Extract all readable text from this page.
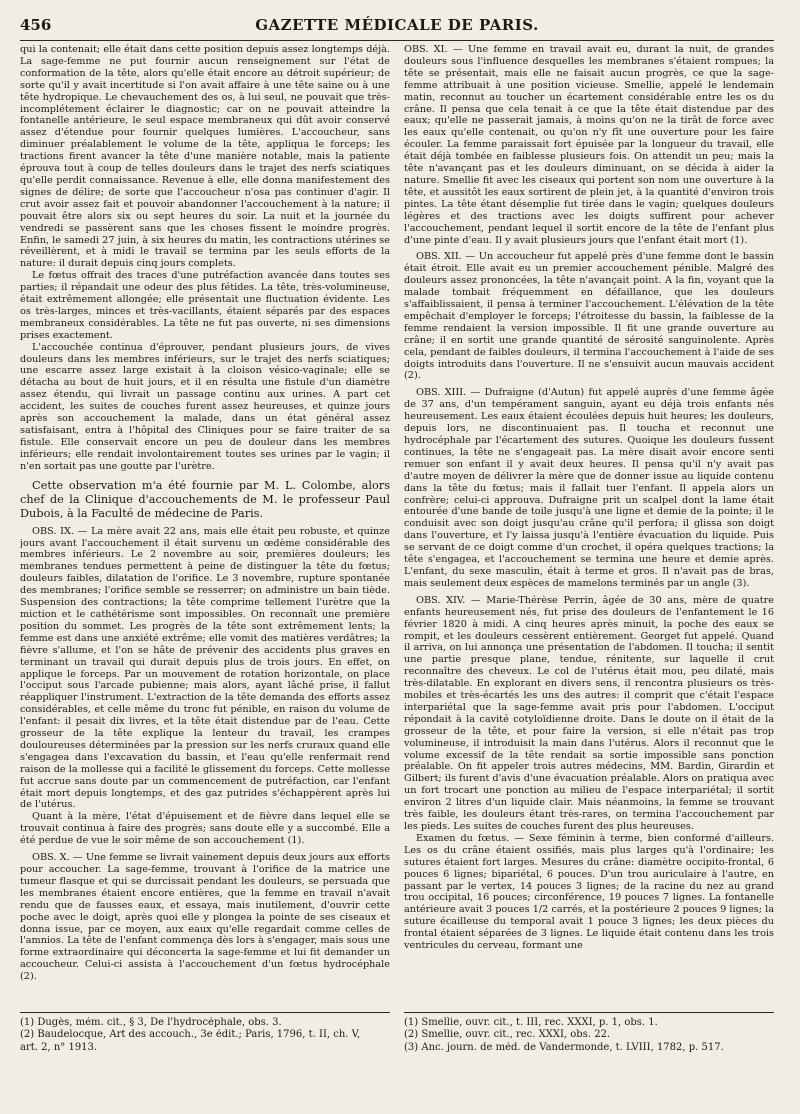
456	GAZETTE MÉDICALE DE PARIS.

qui la contenait; elle était dans cette position depuis assez longtemps déjà. La sage-femme ne put fournir aucun renseignement sur l'état de conformation de la tête, alors qu'elle était encore au détroit supérieur; de sorte qu'il y avait incertitude si l'on avait affaire à une tête saine ou à une tête hydropique. Le chevauchement des os, à lui seul, ne pouvait que très-incomplétement éclairer le diagnostic; car on ne pouvait atteindre la fontanelle antérieure, le seul espace membraneux qui dût avoir conservé assez d'étendue pour fournir quelques lumières. L'accoucheur, sans diminuer préalablement le volume de la tête, appliqua le forceps; les tractions firent avancer la tête d'une manière notable, mais la patiente éprouva tout à coup de telles douleurs dans le trajet des nerfs sciatiques qu'elle perdit connaissance. Revenue à elle, elle donna manifestement des signes de délire; de sorte que l'accoucheur n'osa pas continuer d'agir. Il crut avoir assez fait et pouvoir abandonner l'accouchement à la nature; il pouvait être alors six ou sept heures du soir. La nuit et la journée du vendredi se passèrent sans que les choses fissent le moindre progrès. Enfin, le samedi 27 juin, à six heures du matin, les contractions utérines se réveillèrent, et à midi le travail se termina par les seuls efforts de la nature: il durait depuis cinq jours complets.

Le fœtus offrait des traces d'une putréfaction avancée dans toutes ses parties; il répandait une odeur des plus fétides. La tête, très-volumineuse, était extrêmement allongée; elle présentait une fluctuation évidente. Les os très-larges, minces et très-vacillants, étaient séparés par des espaces membraneux considérables. La tête ne fut pas ouverte, ni ses dimensions prises exactement.

L'accouchée continua d'éprouver, pendant plusieurs jours, de vives douleurs dans les membres inférieurs, sur le trajet des nerfs sciatiques; une escarre assez large existait à la cloison vésico-vaginale; elle se détacha au bout de huit jours, et il en résulta une fistule d'un diamètre assez étendu, qui livrait un passage continu aux urines. A part cet accident, les suites de couches furent assez heureuses, et quinze jours après son accouchement la malade, dans un état général assez satisfaisant, entra à l'hôpital des Cliniques pour se faire traiter de sa fistule. Elle conservait encore un peu de douleur dans les membres inférieurs; elle rendait involontairement toutes ses urines par le vagin; il n'en sortait pas une goutte par l'urètre.

Cette observation m'a été fournie par M. L. Colombe, alors chef de la Clinique d'accouchements de M. le professeur Paul Dubois, à la Faculté de médecine de Paris.

OBS. IX. — La mère avait 22 ans, mais elle était peu robuste, et quinze jours avant l'accouchement il était survenu un œdème considérable des membres inférieurs. Le 2 novembre au soir, premières douleurs; les membranes tendues permettent à peine de distinguer la tête du fœtus; douleurs faibles, dilatation de l'orifice. Le 3 novembre, rupture spontanée des membranes; l'orifice semble se resserrer; on administre un bain tiède. Suspension des contractions; la tête comprime tellement l'urètre que la miction et le cathétérisme sont impossibles. On reconnaît une première position du sommet. Les progrès de la tête sont extrêmement lents; la femme est dans une anxiété extrême; elle vomit des matières verdâtres; la fièvre s'allume, et l'on se hâte de prévenir des accidents plus graves en terminant un travail qui durait depuis plus de trois jours. En effet, on applique le forceps. Par un mouvement de rotation horizontale, on place l'occiput sous l'arcade pubienne; mais alors, ayant lâché prise, il fallut réappliquer l'instrument. L'extraction de la tête demanda des efforts assez considérables, et celle même du tronc fut pénible, en raison du volume de l'enfant: il pesait dix livres, et la tête était distendue par de l'eau. Cette grosseur de la tête explique la lenteur du travail, les crampes douloureuses déterminées par la pression sur les nerfs cruraux quand elle s'engagea dans l'excavation du bassin, et l'eau qu'elle renfermait rend raison de la mollesse qui a facilité le glissement du forceps. Cette mollesse fut accrue sans doute par un commencement de putréfaction, car l'enfant était mort depuis longtemps, et des gaz putrides s'échappèrent après lui de l'utérus.

Quant à la mère, l'état d'épuisement et de fièvre dans lequel elle se trouvait continua à faire des progrès; sans doute elle y a succombé. Elle a été perdue de vue le soir même de son accouchement (1).

OBS. X. — Une femme se livrait vainement depuis deux jours aux efforts pour accoucher. La sage-femme, trouvant à l'orifice de la matrice une tumeur flasque et qui se durcissait pendant les douleurs, se persuada que les membranes étaient encore entières, que la femme en travail n'avait rendu que de fausses eaux, et essaya, mais inutilement, d'ouvrir cette poche avec le doigt, après quoi elle y plongea la pointe de ses ciseaux et donna issue, par ce moyen, aux eaux qu'elle regardait comme celles de l'amnios. La tête de l'enfant commença dès lors à s'engager, mais sous une forme extraordinaire qui déconcerta la sage-femme et lui fit demander un accoucheur. Celui-ci assista à l'accouchement d'un fœtus hydrocéphale (2).

OBS. XI. — Une femme en travail avait eu, durant la nuit, de grandes douleurs sous l'influence desquelles les membranes s'étaient rompues; la tête se présentait, mais elle ne faisait aucun progrès, ce que la sage-femme attribuait à une position vicieuse. Smellie, appelé le lendemain matin, reconnut au toucher un écartement considérable entre les os du crâne. Il pensa que cela tenait à ce que la tête était distendue par des eaux; qu'elle ne passerait jamais, à moins qu'on ne la tirât de force avec les eaux qu'elle contenait, ou qu'on n'y fît une ouverture pour les faire écouler. La femme paraissait fort épuisée par la longueur du travail, elle était déjà tombée en faiblesse plusieurs fois. On attendit un peu; mais la tête n'avançant pas et les douleurs diminuant, on se décida à aider la nature. Smellie fit avec les ciseaux qui portent son nom une ouverture à la tête, et aussitôt les eaux sortirent de plein jet, à la quantité d'environ trois pintes. La tête étant désemplie fut tirée dans le vagin; quelques douleurs légères et des tractions avec les doigts suffirent pour achever l'accouchement, pendant lequel il sortit encore de la tête de l'enfant plus d'une pinte d'eau. Il y avait plusieurs jours que l'enfant était mort (1).

OBS. XII. — Un accoucheur fut appelé près d'une femme dont le bassin était étroit. Elle avait eu un premier accouchement pénible. Malgré des douleurs assez prononcées, la tête n'avançait point. A la fin, voyant que la malade tombait fréquemment en défaillance, que les douleurs s'affaiblissaient, il pensa à terminer l'accouchement. L'élévation de la tête empêchait d'employer le forceps; l'étroitesse du bassin, la faiblesse de la femme rendaient la version impossible. Il fit une grande ouverture au crâne; il en sortit une grande quantité de sérosité sanguinolente. Après cela, pendant de faibles douleurs, il termina l'accouchement à l'aide de ses doigts introduits dans l'ouverture. Il ne s'ensuivit aucun mauvais accident (2).

OBS. XIII. — Dufraigne (d'Autun) fut appelé auprès d'une femme âgée de 37 ans, d'un tempérament sanguin, ayant eu déjà trois enfants nés heureusement. Les eaux étaient écoulées depuis huit heures; les douleurs, depuis lors, ne discontinuaient pas. Il toucha et reconnut une hydrocéphale par l'écartement des sutures. Quoique les douleurs fussent continues, la tête ne s'engageait pas. La mère disait avoir encore senti remuer son enfant il y avait deux heures. Il pensa qu'il n'y avait pas d'autre moyen de délivrer la mère que de donner issue au liquide contenu dans la tête du fœtus; mais il fallait tuer l'enfant. Il appela alors un confrère; celui-ci approuva. Dufraigne prit un scalpel dont la lame était entourée d'une bande de toile jusqu'à une ligne et demie de la pointe; il le conduisit avec son doigt jusqu'au crâne qu'il perfora; il glissa son doigt dans l'ouverture, et l'y laissa jusqu'à l'entière évacuation du liquide. Puis se servant de ce doigt comme d'un crochet, il opéra quelques tractions; la tête s'engagea, et l'accouchement se termina une heure et demie après. L'enfant, du sexe masculin, était à terme et gros. Il n'avait pas de bras, mais seulement deux espèces de mamelons terminés par un angle (3).

OBS. XIV. — Marie-Thérèse Perrin, âgée de 30 ans, mère de quatre enfants heureusement nés, fut prise des douleurs de l'enfantement le 16 février 1820 à midi. A cinq heures après minuit, la poche des eaux se rompit, et les douleurs cessèrent entièrement. Georget fut appelé. Quand il arriva, on lui annonça une présentation de l'abdomen. Il toucha; il sentit une partie presque plane, tendue, rénitente, sur laquelle il crut reconnaître des cheveux. Le col de l'utérus était mou, peu dilaté, mais très-dilatable. En explorant en divers sens, il rencontra plusieurs os très-mobiles et très-écartés les uns des autres: il comprit que c'était l'espace interpariétal que la sage-femme avait pris pour l'abdomen. L'occiput répondait à la cavité cotyloïdienne droite. Dans le doute on il était de la grosseur de la tête, et pour faire la version, si elle n'était pas trop volumineuse, il introduisit la main dans l'utérus. Alors il reconnut que le volume excessif de la tête rendait sa sortie impossible sans ponction préalable. On fit appeler trois autres médecins, MM. Bardin, Girardin et Gilbert; ils furent d'avis d'une évacuation préalable. Alors on pratiqua avec un fort trocart une ponction au milieu de l'espace interpariétal; il sortit environ 2 litres d'un liquide clair. Mais néanmoins, la femme se trouvant très faible, les douleurs étant très-rares, on termina l'accouchement par les pieds. Les suites de couches furent des plus heureuses.

Examen du fœtus. — Sexe féminin à terme, bien conformé d'ailleurs. Les os du crâne étaient ossifiés, mais plus larges qu'à l'ordinaire; les sutures étaient fort larges. Mesures du crâne: diamètre occipito-frontal, 6 pouces 6 lignes; bipariétal, 6 pouces. D'un trou auriculaire à l'autre, en passant par le vertex, 14 pouces 3 lignes; de la racine du nez au grand trou occipital, 16 pouces; circonférence, 19 pouces 7 lignes. La fontanelle antérieure avait 3 pouces 1/2 carrés, et la postérieure 2 pouces 9 lignes; la suture écailleuse du temporal avait 1 pouce 3 lignes; les deux pièces du frontal étaient séparées de 3 lignes. Le liquide était contenu dans les trois ventricules du cerveau, formant une

(1) Dugès, mém. cit., § 3, De l'hydrocéphale, obs. 3.
(2) Baudelocque, Art des accouch., 3e édit.; Paris, 1796, t. II, ch. V,
art. 2, n° 1913.
(1) Smellie, ouvr. cit., t. III, rec. XXXI, p. 1, obs. 1.
(2) Smellie, ouvr. cit., rec. XXXI, obs. 22.
(3) Anc. journ. de méd. de Vandermonde, t. LVIII, 1782, p. 517.
